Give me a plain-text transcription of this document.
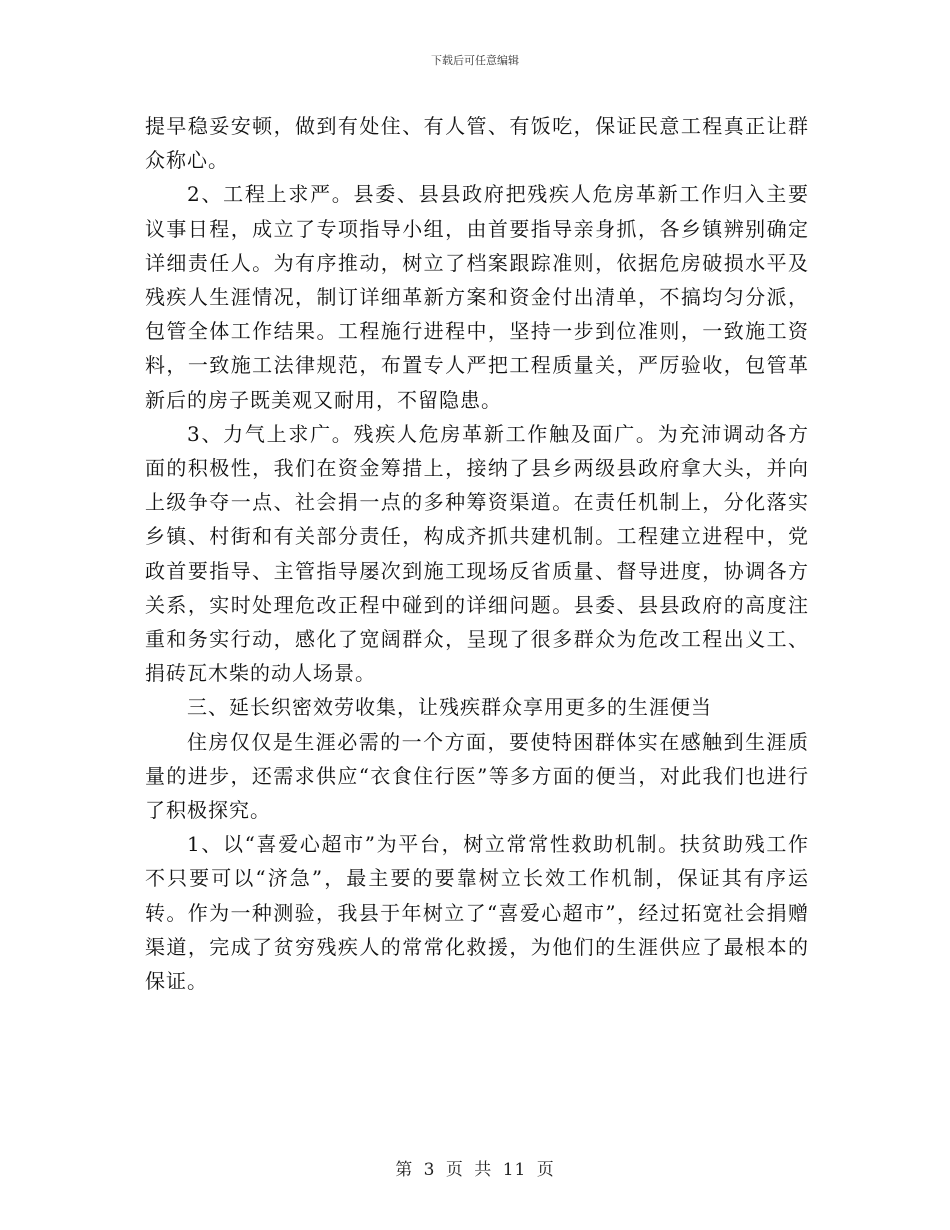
下载后可任意编辑

提早稳妥安顿，做到有处住、有人管、有饭吃，保证民意工程真正让群众称心。

2、工程上求严。县委、县县政府把残疾人危房革新工作归入主要议事日程，成立了专项指导小组，由首要指导亲身抓，各乡镇辨别确定详细责任人。为有序推动，树立了档案跟踪准则，依据危房破损水平及残疾人生涯情况，制订详细革新方案和资金付出清单，不搞均匀分派，包管全体工作结果。工程施行进程中，坚持一步到位准则，一致施工资料，一致施工法律规范，布置专人严把工程质量关，严厉验收，包管革新后的房子既美观又耐用，不留隐患。

3、力气上求广。残疾人危房革新工作触及面广。为充沛调动各方面的积极性，我们在资金筹措上，接纳了县乡两级县政府拿大头，并向上级争夺一点、社会捐一点的多种筹资渠道。在责任机制上，分化落实乡镇、村街和有关部分责任，构成齐抓共建机制。工程建立进程中，党政首要指导、主管指导屡次到施工现场反省质量、督导进度，协调各方关系，实时处理危改正程中碰到的详细问题。县委、县县政府的高度注重和务实行动，感化了宽阔群众，呈现了很多群众为危改工程出义工、捐砖瓦木柴的动人场景。

三、延长织密效劳收集，让残疾群众享用更多的生涯便当

住房仅仅是生涯必需的一个方面，要使特困群体实在感触到生涯质量的进步，还需求供应“衣食住行医”等多方面的便当，对此我们也进行了积极探究。

1、以“喜爱心超市”为平台，树立常常性救助机制。扶贫助残工作不只要可以“济急”，最主要的要靠树立长效工作机制，保证其有序运转。作为一种测验，我县于年树立了“喜爱心超市”，经过拓宽社会捐赠渠道，完成了贫穷残疾人的常常化救援，为他们的生涯供应了最根本的保证。

第 3 页 共 11 页
